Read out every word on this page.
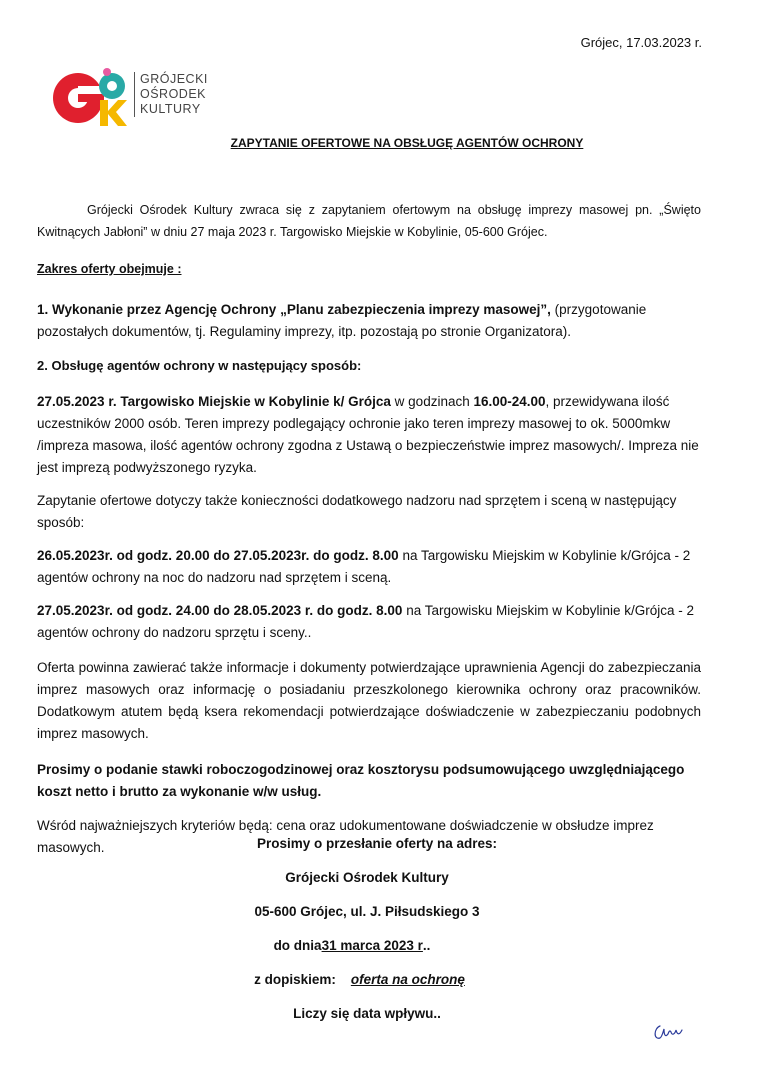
Grójec, 17.03.2023 r.
GRÓJECKI
OŚRODEK
KULTURY
ZAPYTANIE OFERTOWE NA OBSŁUGĘ AGENTÓW OCHRONY

Grójecki Ośrodek Kultury zwraca się z zapytaniem ofertowym na obsługę imprezy masowej pn. „Święto Kwitnących Jabłoni” w dniu 27 maja 2023 r. Targowisko Miejskie w Kobylinie, 05-600 Grójec.

Zakres oferty obejmuje :

1. Wykonanie przez Agencję Ochrony „Planu zabezpieczenia imprezy masowej”, (przygotowanie pozostałych dokumentów, tj. Regulaminy imprezy, itp. pozostają po stronie Organizatora).

2. Obsługę agentów ochrony w następujący sposób:

27.05.2023 r. Targowisko Miejskie w Kobylinie k/ Grójca w godzinach 16.00-24.00, przewidywana ilość uczestników 2000 osób. Teren imprezy podlegający ochronie jako teren imprezy masowej to ok. 5000mkw /impreza masowa, ilość agentów ochrony zgodna z Ustawą o bezpieczeństwie imprez masowych/. Impreza nie jest imprezą podwyższonego ryzyka.

Zapytanie ofertowe dotyczy także konieczności dodatkowego nadzoru nad sprzętem i sceną w następujący sposób:

26.05.2023r. od godz. 20.00 do 27.05.2023r. do godz. 8.00 na Targowisku Miejskim w Kobylinie k/Grójca - 2 agentów ochrony na noc do nadzoru nad sprzętem i sceną.

27.05.2023r. od godz. 24.00 do 28.05.2023 r. do godz. 8.00 na Targowisku Miejskim w Kobylinie k/Grójca - 2 agentów ochrony do nadzoru sprzętu i sceny..

Oferta powinna zawierać także informacje i dokumenty potwierdzające uprawnienia Agencji do zabezpieczania imprez masowych oraz informację o posiadaniu przeszkolonego kierownika ochrony oraz pracowników. Dodatkowym atutem będą ksera rekomendacji potwierdzające doświadczenie w zabezpieczaniu podobnych imprez masowych.

Prosimy o podanie stawki roboczogodzinowej oraz kosztorysu podsumowującego uwzględniającego koszt netto i brutto za wykonanie w/w usług.

Wśród najważniejszych kryteriów będą: cena oraz udokumentowane doświadczenie w obsłudze imprez
masowych.	Prosimy o przesłanie oferty na adres:
Grójecki Ośrodek Kultury
05-600 Grójec, ul. J. Piłsudskiego 3
do dnia31 marca 2023 r..
z dopiskiem:oferta na ochronę
Liczy się data wpływu..
